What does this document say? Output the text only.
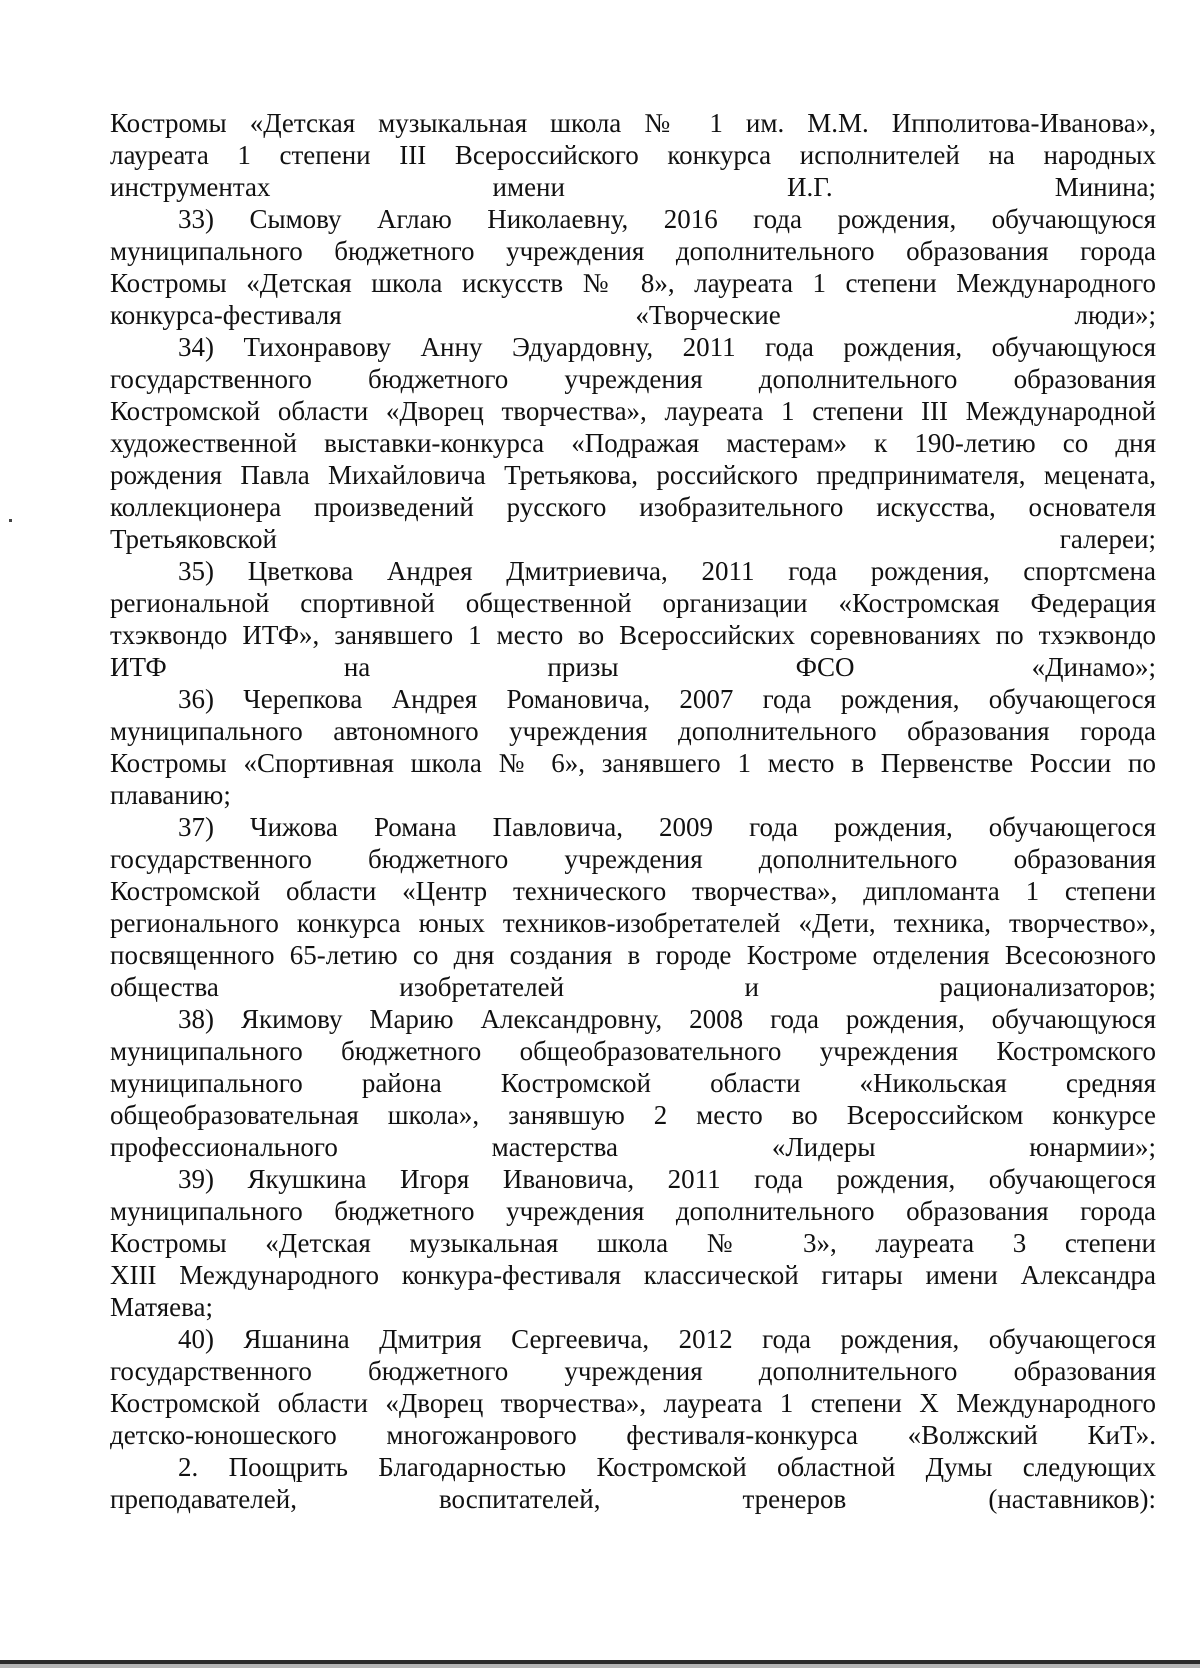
Костромы «Детская музыкальная школа № 1 им. М.М. Ипполитова-Иванова»,
лауреата 1 степени III Всероссийского конкурса исполнителей на народных
инструментах имени И.Г. Минина;

33) Сымову Аглаю Николаевну, 2016 года рождения, обучающуюся
муниципального бюджетного учреждения дополнительного образования города
Костромы «Детская школа искусств № 8», лауреата 1 степени Международного
конкурса-фестиваля «Творческие люди»;

34) Тихонравову Анну Эдуардовну, 2011 года рождения, обучающуюся
государственного бюджетного учреждения дополнительного образования
Костромской области «Дворец творчества», лауреата 1 степени III Международной
художественной выставки-конкурса «Подражая мастерам» к 190-летию со дня
рождения Павла Михайловича Третьякова, российского предпринимателя, мецената,
коллекционера произведений русского изобразительного искусства, основателя
Третьяковской галереи;

35) Цветкова Андрея Дмитриевича, 2011 года рождения, спортсмена
региональной спортивной общественной организации «Костромская Федерация
тхэквондо ИТФ», занявшего 1 место во Всероссийских соревнованиях по тхэквондо
ИТФ на призы ФСО «Динамо»;

36) Черепкова Андрея Романовича, 2007 года рождения, обучающегося
муниципального автономного учреждения дополнительного образования города
Костромы «Спортивная школа № 6», занявшего 1 место в Первенстве России по
плаванию;

37) Чижова Романа Павловича, 2009 года рождения, обучающегося
государственного бюджетного учреждения дополнительного образования
Костромской области «Центр технического творчества», дипломанта 1 степени
регионального конкурса юных техников-изобретателей «Дети, техника, творчество»,
посвященного 65-летию со дня создания в городе Костроме отделения Всесоюзного
общества изобретателей и рационализаторов;

38) Якимову Марию Александровну, 2008 года рождения, обучающуюся
муниципального бюджетного общеобразовательного учреждения Костромского
муниципального района Костромской области «Никольская средняя
общеобразовательная школа», занявшую 2 место во Всероссийском конкурсе
профессионального мастерства «Лидеры юнармии»;

39) Якушкина Игоря Ивановича, 2011 года рождения, обучающегося
муниципального бюджетного учреждения дополнительного образования города
Костромы «Детская музыкальная школа № 3», лауреата 3 степени
XIII Международного конкура-фестиваля классической гитары имени Александра
Матяева;

40) Яшанина Дмитрия Сергеевича, 2012 года рождения, обучающегося
государственного бюджетного учреждения дополнительного образования
Костромской области «Дворец творчества», лауреата 1 степени X Международного
детско-юношеского многожанрового фестиваля-конкурса «Волжский КиТ».

2. Поощрить Благодарностью Костромской областной Думы следующих
преподавателей, воспитателей, тренеров (наставников):
